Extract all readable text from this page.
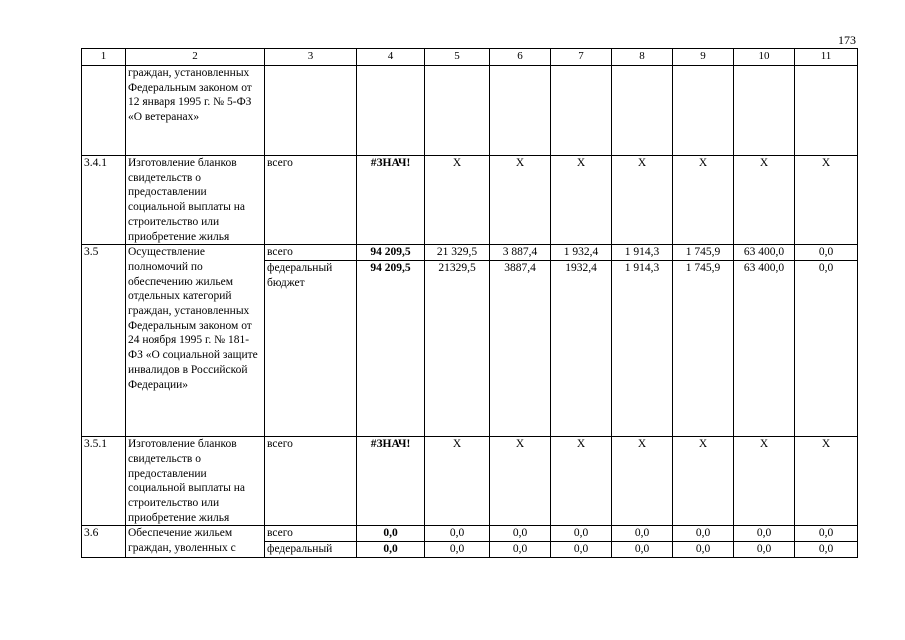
173
1	2	3	4	5	6	7	8	9	10	11
	граждан, установленных Федеральным законом от 12 января 1995 г. № 5-ФЗ «О ветеранах»									
3.4.1	Изготовление бланков свидетельств о предоставлении социальной выплаты на строительство или приобретение жилья	всего	#ЗНАЧ!	X	X	X	X	X	X	X
3.5	Осуществление полномочий по обеспечению жильем отдельных категорий граждан, установленных Федеральным законом от 24 ноября 1995 г. № 181-ФЗ «О социальной защите инвалидов в Российской Федерации»	всего	94 209,5	21 329,5	3 887,4	1 932,4	1 914,3	1 745,9	63 400,0	0,0
		федеральный бюджет	94 209,5	21329,5	3887,4	1932,4	1 914,3	1 745,9	63 400,0	0,0
3.5.1	Изготовление бланков свидетельств о предоставлении социальной выплаты на строительство или приобретение жилья	всего	#ЗНАЧ!	X	X	X	X	X	X	X
3.6	Обеспечение жильем граждан, уволенных с	всего	0,0	0,0	0,0	0,0	0,0	0,0	0,0	0,0
		федеральный	0,0	0,0	0,0	0,0	0,0	0,0	0,0	0,0
